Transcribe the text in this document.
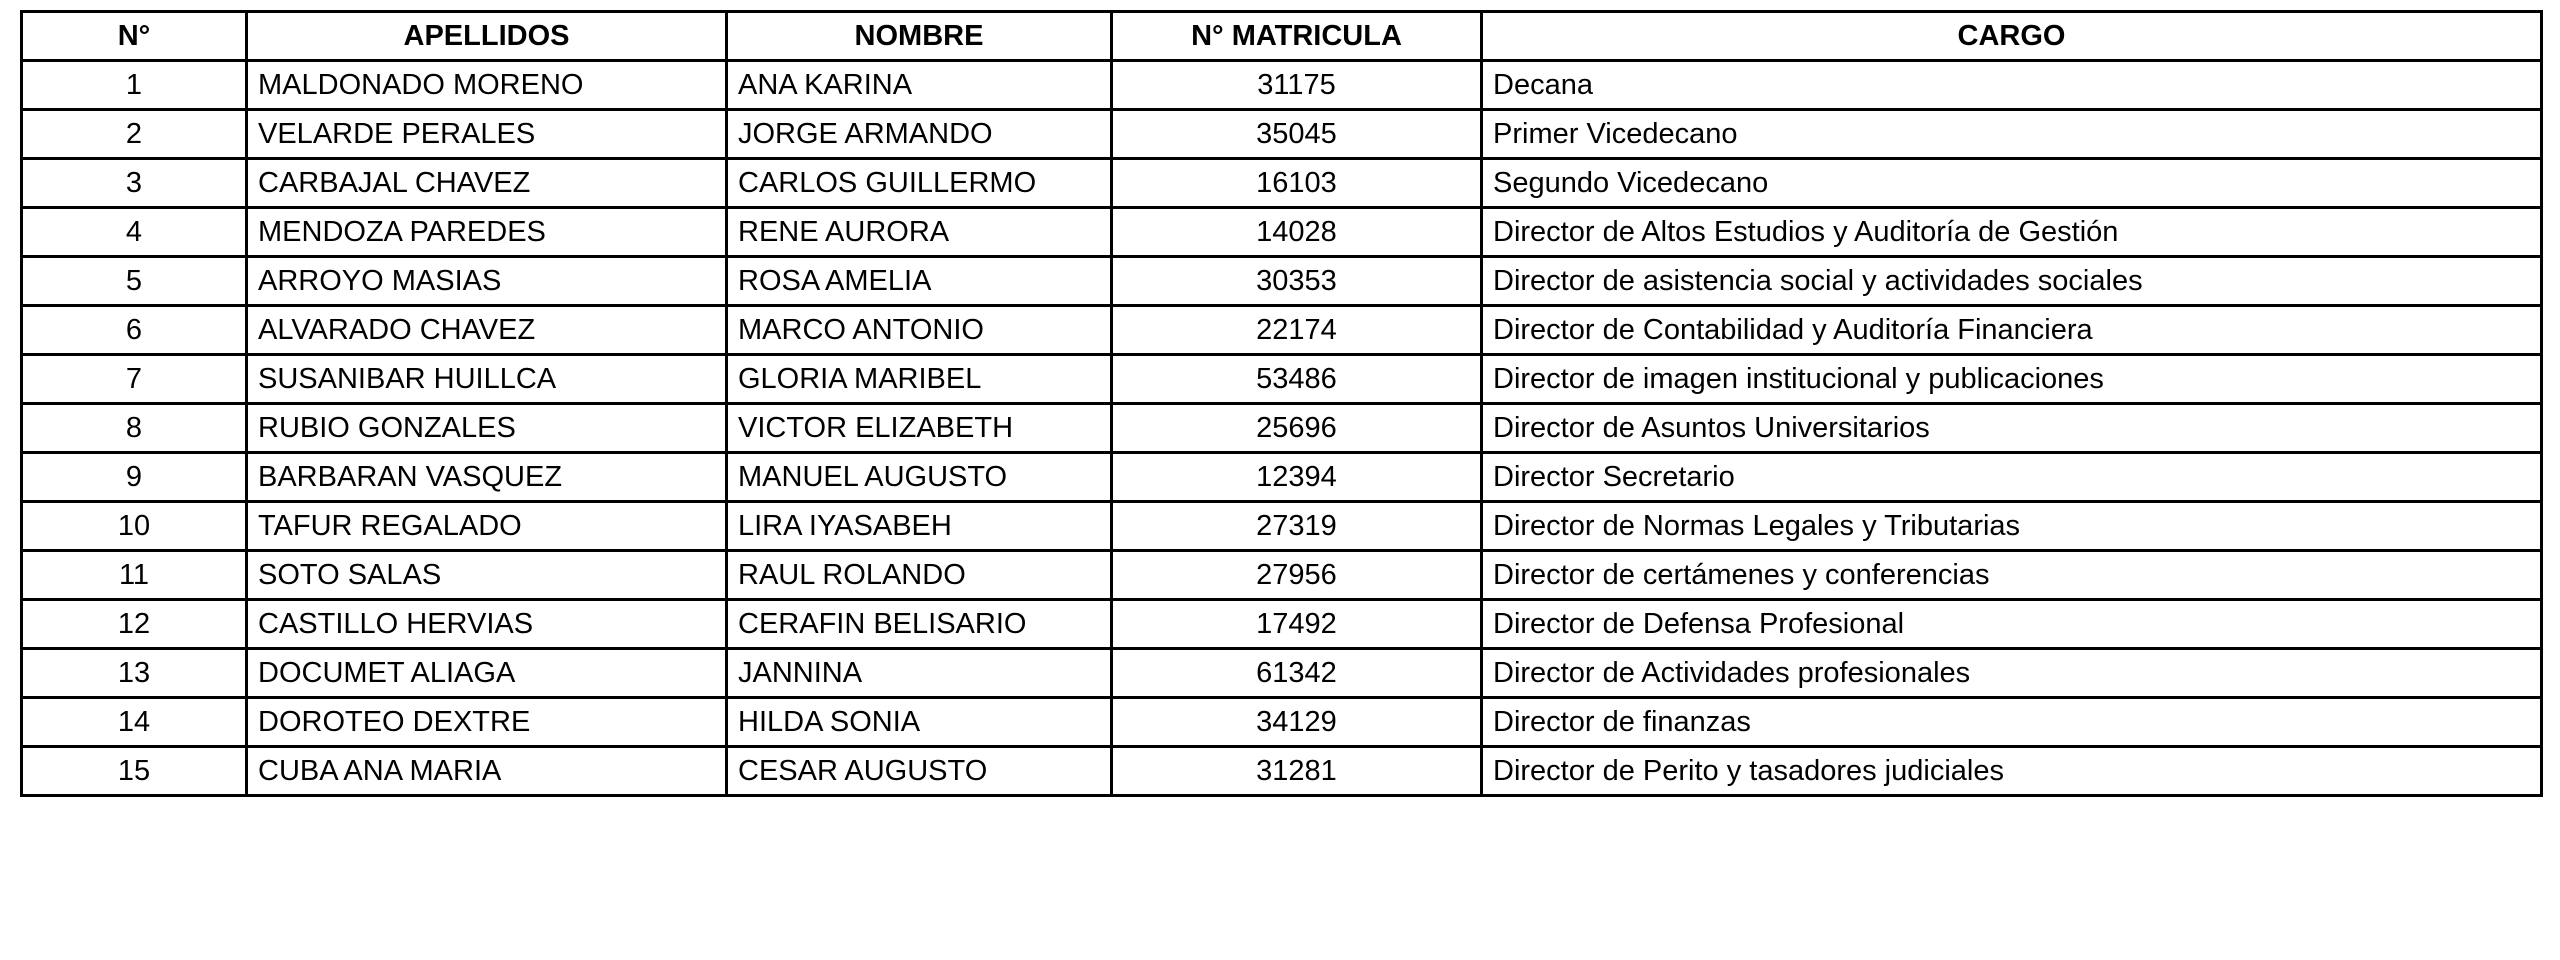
N°	APELLIDOS	NOMBRE	N° MATRICULA	CARGO
1	MALDONADO MORENO	ANA KARINA	31175	Decana
2	VELARDE PERALES	JORGE ARMANDO	35045	Primer Vicedecano
3	CARBAJAL CHAVEZ	CARLOS GUILLERMO	16103	Segundo Vicedecano
4	MENDOZA PAREDES	RENE AURORA	14028	Director de Altos Estudios y Auditoría de Gestión
5	ARROYO MASIAS	ROSA AMELIA	30353	Director de asistencia social y actividades sociales
6	ALVARADO CHAVEZ	MARCO ANTONIO	22174	Director de Contabilidad y Auditoría Financiera
7	SUSANIBAR HUILLCA	GLORIA MARIBEL	53486	Director de imagen institucional y publicaciones
8	RUBIO GONZALES	VICTOR ELIZABETH	25696	Director de Asuntos Universitarios
9	BARBARAN VASQUEZ	MANUEL AUGUSTO	12394	Director Secretario
10	TAFUR REGALADO	LIRA IYASABEH	27319	Director de Normas Legales y Tributarias
11	SOTO SALAS	RAUL ROLANDO	27956	Director de certámenes y conferencias
12	CASTILLO HERVIAS	CERAFIN BELISARIO	17492	Director de Defensa Profesional
13	DOCUMET ALIAGA	JANNINA	61342	Director de Actividades profesionales
14	DOROTEO DEXTRE	HILDA SONIA	34129	Director de finanzas
15	CUBA ANA MARIA	CESAR AUGUSTO	31281	Director de Perito y tasadores judiciales
